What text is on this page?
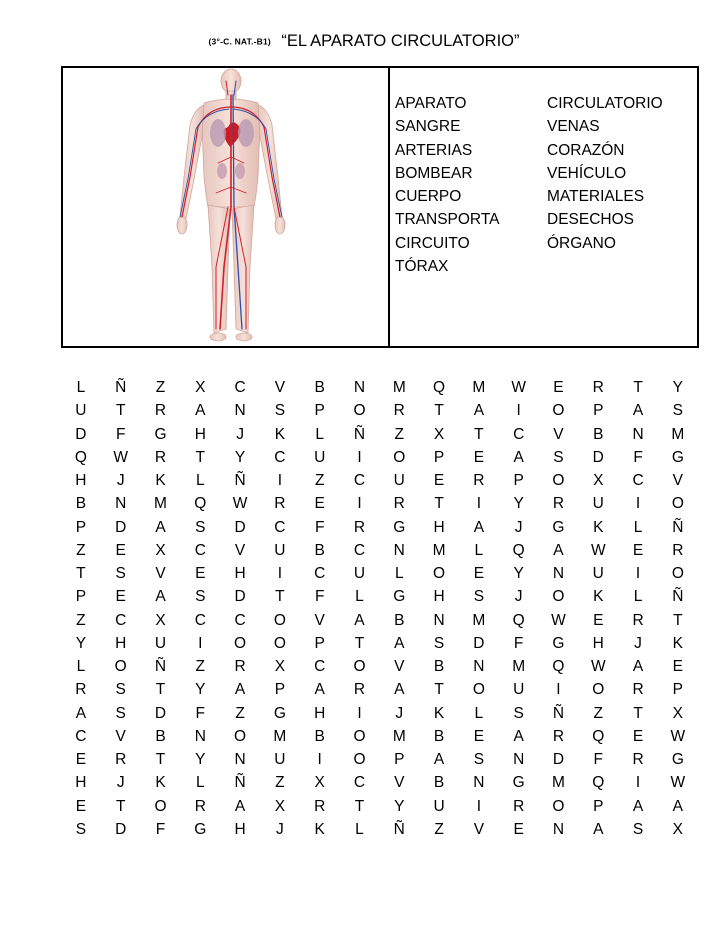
(3°-C. NAT.-B1) “EL APARATO CIRCULATORIO”
APARATO	CIRCULATORIO
SANGRE	VENAS
ARTERIAS	CORAZÓN
BOMBEAR	VEHÍCULO
CUERPO	MATERIALES
TRANSPORTA	DESECHOS
CIRCUITO	ÓRGANO
TÓRAX
L	Ñ	Z	X	C	V	B	N	M	Q	M	W	E	R	T	Y
U	T	R	A	N	S	P	O	R	T	A	I	O	P	A	S
D	F	G	H	J	K	L	Ñ	Z	X	T	C	V	B	N	M
Q	W	R	T	Y	C	U	I	O	P	E	A	S	D	F	G
H	J	K	L	Ñ	I	Z	C	U	E	R	P	O	X	C	V
B	N	M	Q	W	R	E	I	R	T	I	Y	R	U	I	O
P	D	A	S	D	C	F	R	G	H	A	J	G	K	L	Ñ
Z	E	X	C	V	U	B	C	N	M	L	Q	A	W	E	R
T	S	V	E	H	I	C	U	L	O	E	Y	N	U	I	O
P	E	A	S	D	T	F	L	G	H	S	J	O	K	L	Ñ
Z	C	X	C	C	O	V	A	B	N	M	Q	W	E	R	T
Y	H	U	I	O	O	P	T	A	S	D	F	G	H	J	K
L	O	Ñ	Z	R	X	C	O	V	B	N	M	Q	W	A	E
R	S	T	Y	A	P	A	R	A	T	O	U	I	O	R	P
A	S	D	F	Z	G	H	I	J	K	L	S	Ñ	Z	T	X
C	V	B	N	O	M	B	O	M	B	E	A	R	Q	E	W
E	R	T	Y	N	U	I	O	P	A	S	N	D	F	R	G
H	J	K	L	Ñ	Z	X	C	V	B	N	G	M	Q	I	W
E	T	O	R	A	X	R	T	Y	U	I	R	O	P	A	A
S	D	F	G	H	J	K	L	Ñ	Z	V	E	N	A	S	X
